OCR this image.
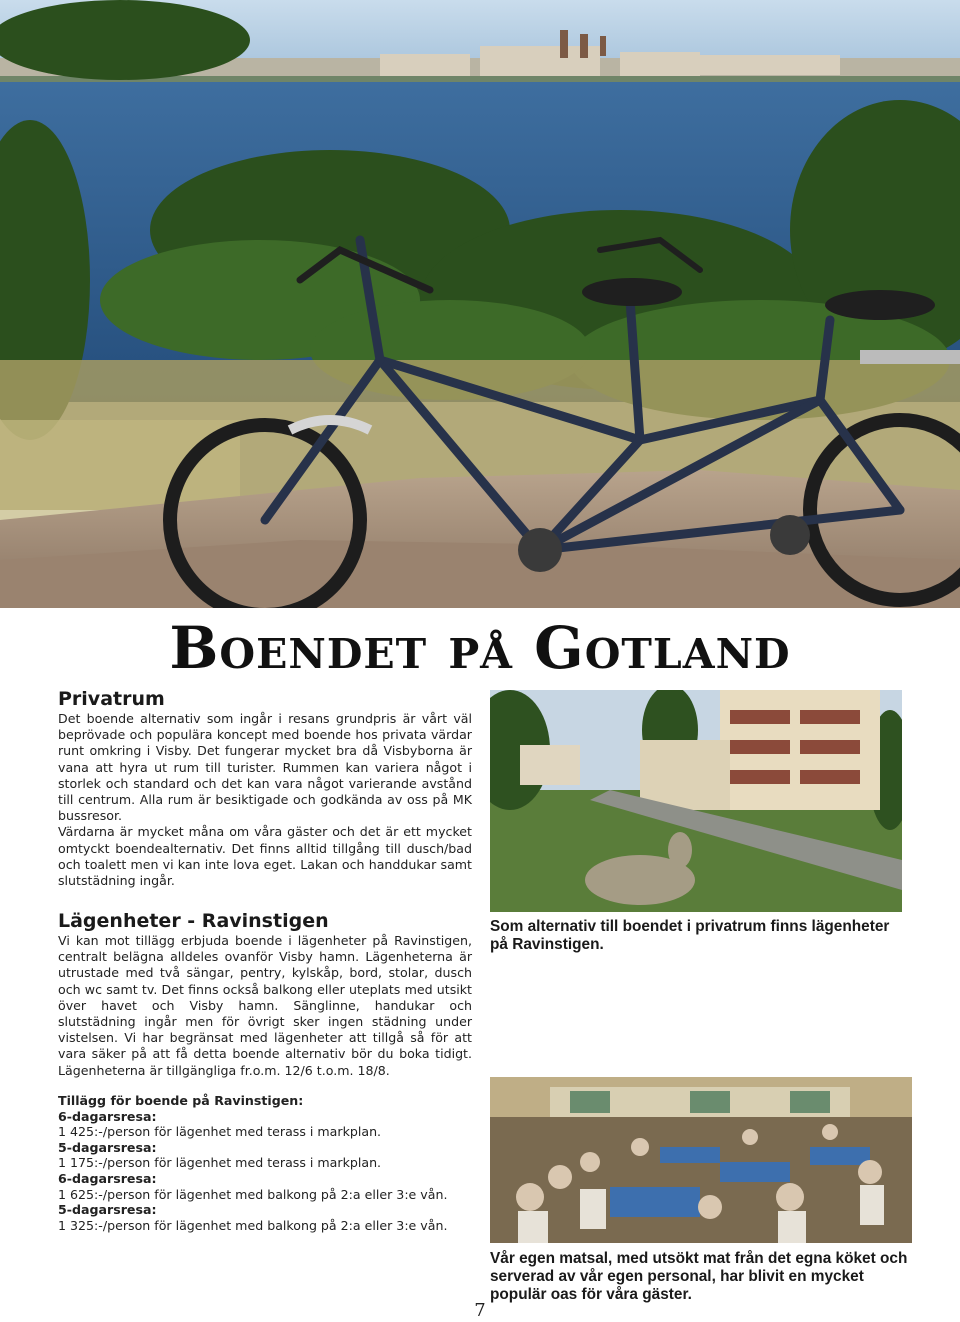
Boendet på Gotland
Privatrum

Det boende alternativ som ingår i resans grundpris är vårt väl beprövade och populära koncept med boende hos privata värdar runt omkring i Visby. Det fungerar mycket bra då Visbyborna är vana att hyra ut rum till turister. Rummen kan variera något i storlek och standard och det kan vara något varierande avstånd till centrum. Alla rum är besiktigade och godkända av oss på MK bussresor.

Värdarna är mycket måna om våra gäster och det är ett mycket omtyckt boendealternativ. Det finns alltid tillgång till dusch/bad och toalett men vi kan inte lova eget. Lakan och handdukar samt slutstädning ingår.

Som alternativ till boendet i privatrum finns lägenheter på Ravinstigen.
Lägenheter - Ravinstigen

Vi kan mot tillägg erbjuda boende i lägenheter på Ravinstigen, centralt belägna alldeles ovanför Visby hamn. Lägenheterna är utrustade med två sängar, pentry, kylskåp, bord, stolar, dusch och wc samt tv. Det finns också balkong eller uteplats med utsikt över havet och Visby hamn. Sänglinne, handukar och slutstädning ingår men för övrigt sker ingen städning under vistelsen. Vi har begränsat med lägenheter att tillgå så för att vara säker på att få detta boende alternativ bör du boka tidigt. Lägenheterna är tillgängliga fr.o.m. 12/6 t.o.m. 18/8.

Tillägg för boende på Ravinstigen:
6-dagarsresa:
1 425:-/person för lägenhet med terass i markplan.
5-dagarsresa:
1 175:-/person för lägenhet med terass i markplan.
6-dagarsresa:
1 625:-/person för lägenhet med balkong på 2:a eller 3:e vån.
5-dagarsresa:
1 325:-/person för lägenhet med balkong på 2:a eller 3:e vån.
Vår egen matsal, med utsökt mat från det egna köket och serverad av vår egen personal, har blivit en mycket populär oas för våra gäster.
7
